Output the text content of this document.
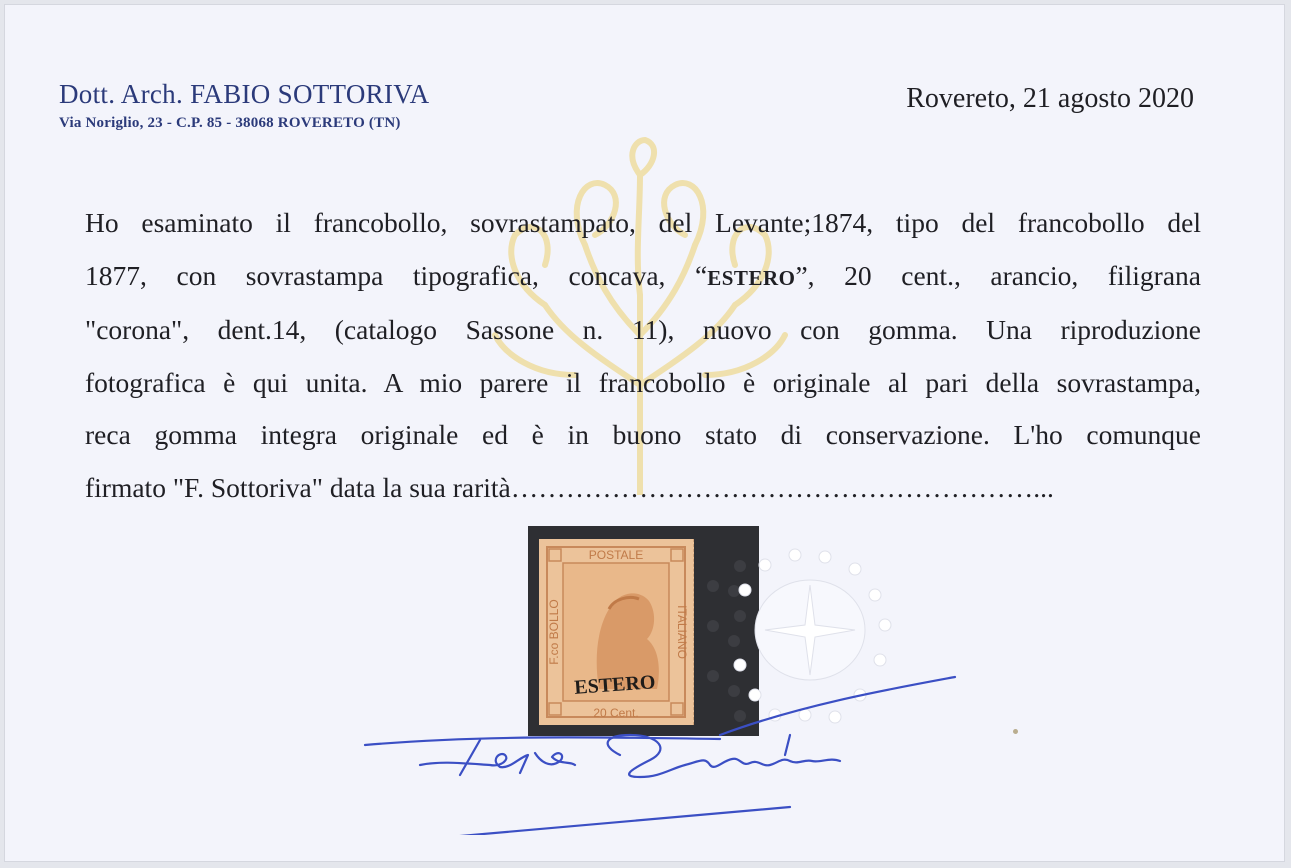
Dott. Arch. FABIO SOTTORIVA
Via Noriglio, 23 - C.P. 85 - 38068 ROVERETO (TN)
Rovereto, 21 agosto 2020

Ho esaminato il francobollo, sovrastampato, del Levante;1874, tipo del francobollo del

1877, con sovrastampa tipografica, concava, “ESTERO”, 20 cent., arancio, filigrana

"corona", dent.14, (catalogo Sassone n. 11), nuovo con gomma. Una riproduzione

fotografica è qui unita. A mio parere il francobollo è originale al pari della sovrastampa,

reca gomma integra originale ed è in buono stato di conservazione. L'ho comunque

firmato "F. Sottoriva" data la sua rarità…………………………………………………...

POSTALE
F.co BOLLO	ITALIANO
ESTERO
20 Cent.
